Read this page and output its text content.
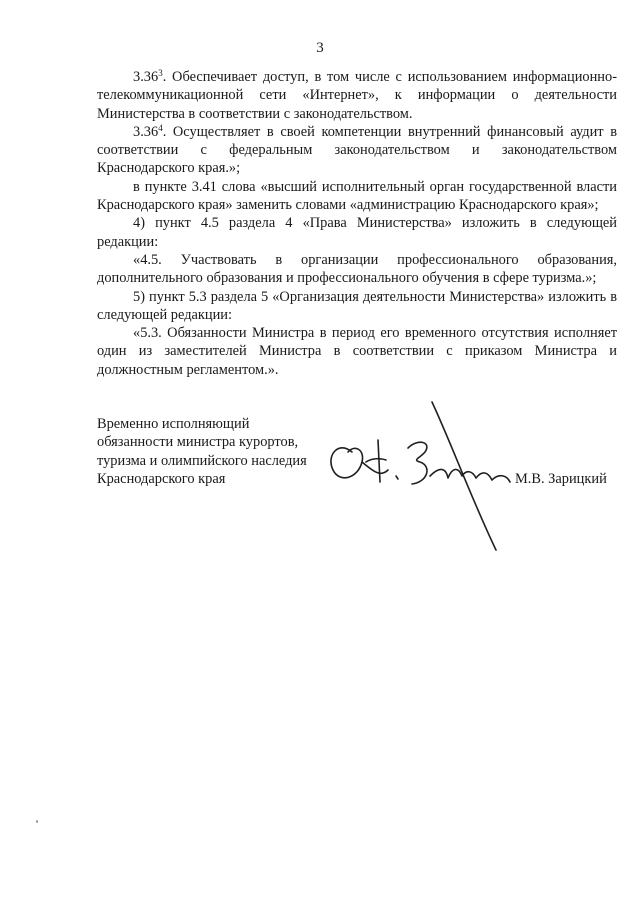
3

3.36$^3$. Обеспечивает доступ, в том числе с использованием информационно-телекоммуникационной сети «Интернет», к информации о деятельности Министерства в соответствии с законодательством.

3.36$^4$. Осуществляет в своей компетенции внутренний финансовый аудит в соответствии с федеральным законодательством и законодательством Краснодарского края.»;

в пункте 3.41 слова «высший исполнительный орган государственной власти Краснодарского края» заменить словами «администрацию Краснодарского края»;

4) пункт 4.5 раздела 4 «Права Министерства» изложить в следующей редакции:

«4.5. Участвовать в организации профессионального образования, дополнительного образования и профессионального обучения в сфере туризма.»;

5) пункт 5.3 раздела 5 «Организация деятельности Министерства» изложить в следующей редакции:

«5.3. Обязанности Министра в период его временного отсутствия исполняет один из заместителей Министра в соответствии с приказом Министра и должностным регламентом.».

Временно исполняющий
обязанности министра курортов,
туризма и олимпийского наследия
Краснодарского края	М.В. Зарицкий
